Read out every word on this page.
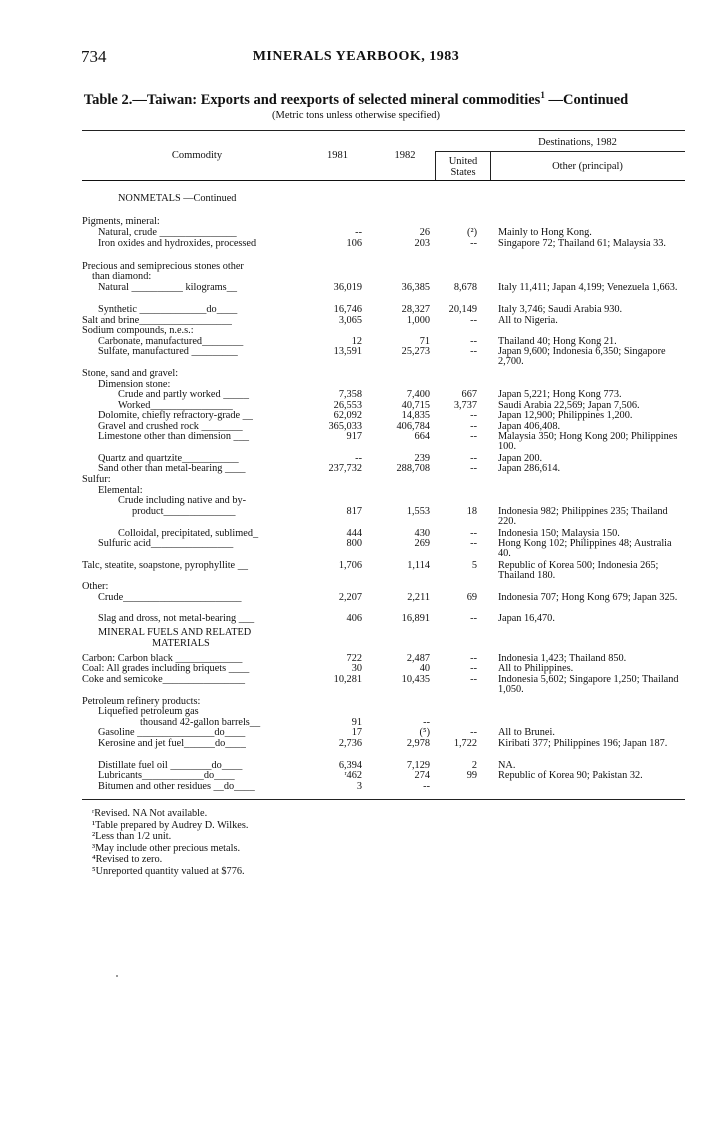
734	MINERALS YEARBOOK, 1983
Table 2.—Taiwan: Exports and reexports of selected mineral commodities$^1$ —Continued
(Metric tons unless otherwise specified)
Commodity	1981	1982
Destinations, 1982
United States
Other (principal)
NONMETALS —Continued
Pigments, mineral:
Natural, crude _______________	--	26	(²) Mainly to Hong Kong.
Iron oxides and hydroxides, processed	106	203	-- Singapore 72; Thailand 61; Malaysia 33.
Precious and semiprecious stones other
than diamond:
Natural __________ kilograms__	36,019	36,385	8,678 Italy 11,411; Japan 4,199; Venezuela 1,663.
Synthetic _____________do____	16,746	28,327	20,149 Italy 3,746; Saudi Arabia 930.
Salt and brine__________________	3,065	1,000	-- All to Nigeria.
Sodium compounds, n.e.s.:
Carbonate, manufactured________	12	71	-- Thailand 40; Hong Kong 21.
Sulfate, manufactured _________	13,591	25,273	-- Japan 9,600; Indonesia 6,350; Singapore 2,700.
Stone, sand and gravel:
Dimension stone:
Crude and partly worked _____	7,358	7,400	667 Japan 5,221; Hong Kong 773.
Worked________________	26,553	40,715	3,737 Saudi Arabia 22,569; Japan 7,506.
Dolomite, chiefly refractory-grade __	62,092	14,835	-- Japan 12,900; Philippines 1,200.
Gravel and crushed rock ________	365,033	406,784	-- Japan 406,408.
Limestone other than dimension ___	917	664	-- Malaysia 350; Hong Kong 200; Philippines 100.
Quartz and quartzite___________	--	239	-- Japan 200.
Sand other than metal-bearing ____	237,732	288,708	-- Japan 286,614.
Sulfur:
Elemental:
Crude including native and by-
product______________	817	1,553	18 Indonesia 982; Philippines 235; Thailand 220.
Colloidal, precipitated, sublimed_	444	430	-- Indonesia 150; Malaysia 150.
Sulfuric acid________________	800	269	-- Hong Kong 102; Philippines 48; Australia 40.
Talc, steatite, soapstone, pyrophyllite __	1,706	1,114	5 Republic of Korea 500; Indonesia 265; Thailand 180.
Other:
Crude_______________________	2,207	2,211	69 Indonesia 707; Hong Kong 679; Japan 325.
Slag and dross, not metal-bearing ___	406	16,891	-- Japan 16,470.
MINERAL FUELS AND RELATED
MATERIALS
Carbon: Carbon black _____________	722	2,487	-- Indonesia 1,423; Thailand 850.
Coal: All grades including briquets ____	30	40	-- All to Philippines.
Coke and semicoke________________	10,281	10,435	-- Indonesia 5,602; Singapore 1,250; Thailand 1,050.
Petroleum refinery products:
Liquefied petroleum gas
thousand 42-gallon barrels__	91	--
Gasoline _______________do____	17	(⁵)	-- All to Brunei.
Kerosine and jet fuel______do____	2,736	2,978	1,722 Kiribati 377; Philippines 196; Japan 187.
Distillate fuel oil ________do____	6,394	7,129	2 NA.
Lubricants____________do____	ʳ462	274	99 Republic of Korea 90; Pakistan 32.
Bitumen and other residues __do____	3	--
ʳRevised. NA Not available.
¹Table prepared by Audrey D. Wilkes.
²Less than 1/2 unit.
³May include other precious metals.
⁴Revised to zero.
⁵Unreported quantity valued at $776.
